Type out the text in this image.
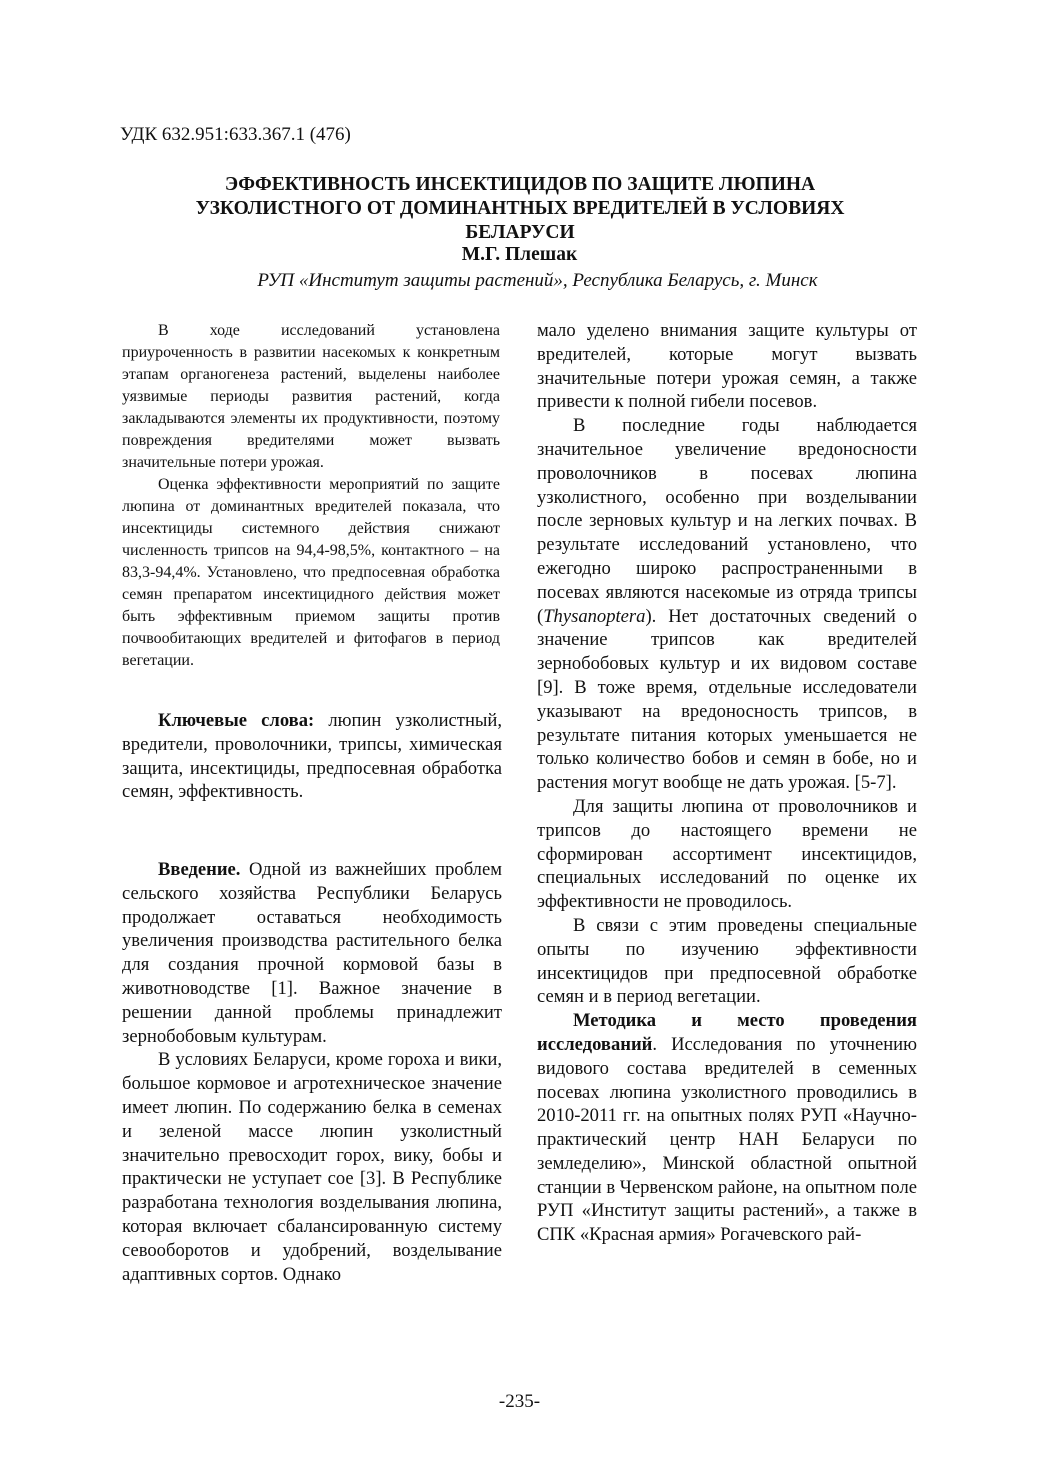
УДК 632.951:633.367.1 (476)
ЭФФЕКТИВНОСТЬ ИНСЕКТИЦИДОВ ПО ЗАЩИТЕ ЛЮПИНА
УЗКОЛИСТНОГО ОТ ДОМИНАНТНЫХ ВРЕДИТЕЛЕЙ В УСЛОВИЯХ
БЕЛАРУСИ
М.Г. Плешак
РУП «Институт защиты растений», Республика Беларусь, г. Минск

В ходе исследований установлена приуроченность в развитии насекомых к конкретным этапам органогенеза растений, выделены наиболее уязвимые периоды развития растений, когда закладываются элементы их продуктивности, поэтому повреждения вредителями может вызвать значительные потери урожая.

Оценка эффективности мероприятий по защите люпина от доминантных вредителей показала, что инсектициды системного действия снижают численность трипсов на 94,4-98,5%, контактного – на 83,3-94,4%. Установлено, что предпосевная обработка семян препаратом инсектицидного действия может быть эффективным приемом защиты против почвообитающих вредителей и фитофагов в период вегетации.

Ключевые слова: люпин узколистный, вредители, проволочники, трипсы, химическая защита, инсектициды, предпосевная обработка семян, эффективность.

Введение. Одной из важнейших проблем сельского хозяйства Республики Беларусь продолжает оставаться необходимость увеличения производства растительного белка для создания прочной кормовой базы в животноводстве [1]. Важное значение в решении данной проблемы принадлежит зернобобовым культурам.

В условиях Беларуси, кроме гороха и вики, большое кормовое и агротехническое значение имеет люпин. По содержанию белка в семенах и зеленой массе люпин узколистный значительно превосходит горох, вику, бобы и практически не уступает сое [3]. В Республике разработана технология возделывания люпина, которая включает сбалансированную систему севооборотов и удобрений, возделывание адаптивных сортов. Однако

мало уделено внимания защите культуры от вредителей, которые могут вызвать значительные потери урожая семян, а также привести к полной гибели посевов.

В последние годы наблюдается значительное увеличение вредоносности проволочников в посевах люпина узколистного, особенно при возделывании после зерновых культур и на легких почвах. В результате исследований установлено, что ежегодно широко распространенными в посевах являются насекомые из отряда трипсы (Thysanoptera). Нет достаточных сведений о значение трипсов как вредителей зернобобовых культур и их видовом составе [9]. В тоже время, отдельные исследователи указывают на вредоносность трипсов, в результате питания которых уменьшается не только количество бобов и семян в бобе, но и растения могут вообще не дать урожая. [5-7].

Для защиты люпина от проволочников и трипсов до настоящего времени не сформирован ассортимент инсектицидов, специальных исследований по оценке их эффективности не проводилось.

В связи с этим проведены специальные опыты по изучению эффективности инсектицидов при предпосевной обработке семян и в период вегетации.

Методика и место проведения исследований. Исследования по уточнению видового состава вредителей в семенных посевах люпина узколистного проводились в 2010-2011 гг. на опытных полях РУП «Научно-практический центр НАН Беларуси по земледелию», Минской областной опытной станции в Червенском районе, на опытном поле РУП «Институт защиты растений», а также в СПК «Красная армия» Рогачевского рай-

-235-
